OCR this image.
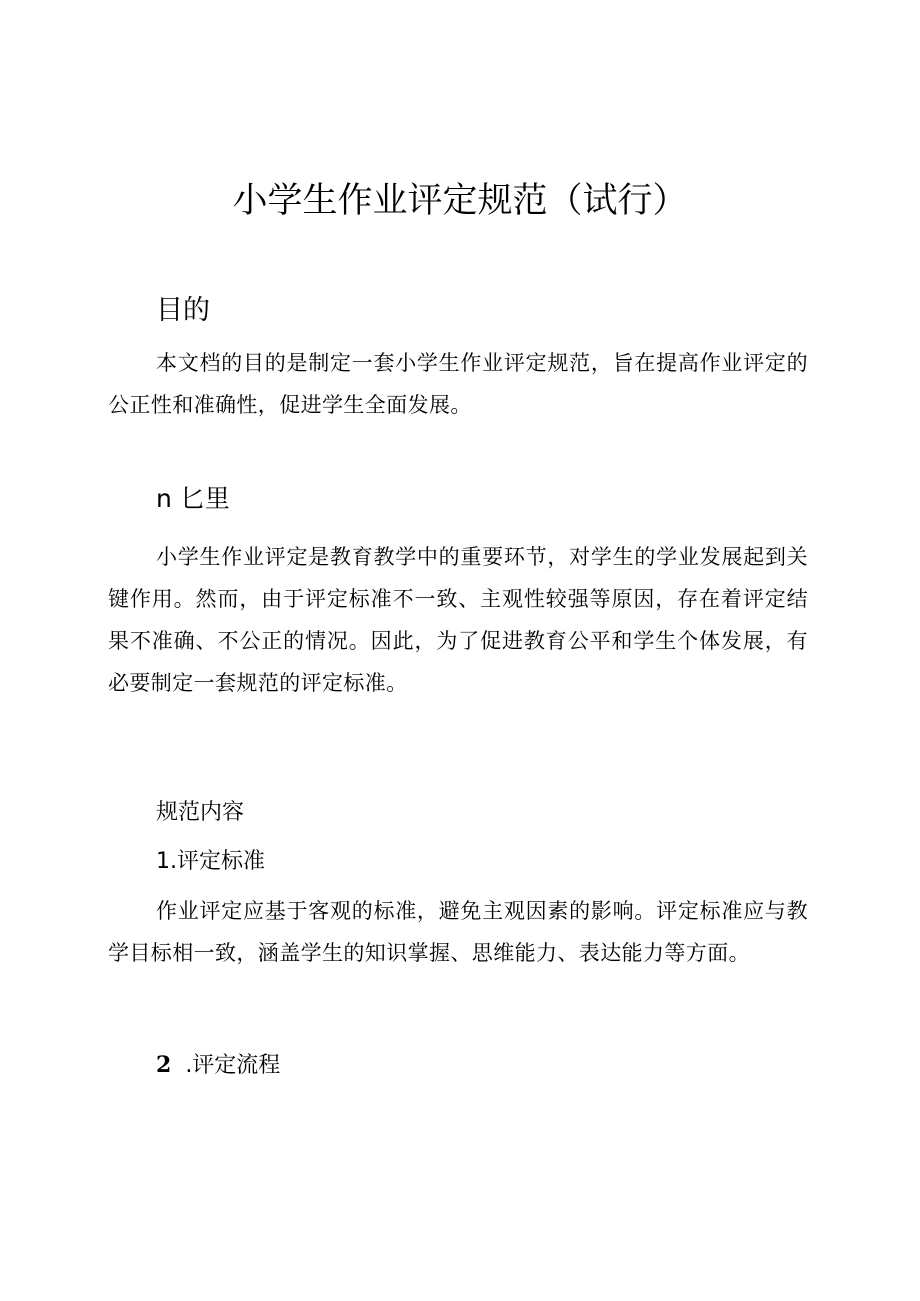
小学生作业评定规范（试行）
目的
本文档的目的是制定一套小学生作业评定规范，旨在提高作业评定的公正性和准确性，促进学生全面发展。
n 匕里
小学生作业评定是教育教学中的重要环节，对学生的学业发展起到关键作用。然而，由于评定标准不一致、主观性较强等原因，存在着评定结果不准确、不公正的情况。因此，为了促进教育公平和学生个体发展，有必要制定一套规范的评定标准。
规范内容
1.评定标准
作业评定应基于客观的标准，避免主观因素的影响。评定标准应与教学目标相一致，涵盖学生的知识掌握、思维能力、表达能力等方面。
2 .评定流程
